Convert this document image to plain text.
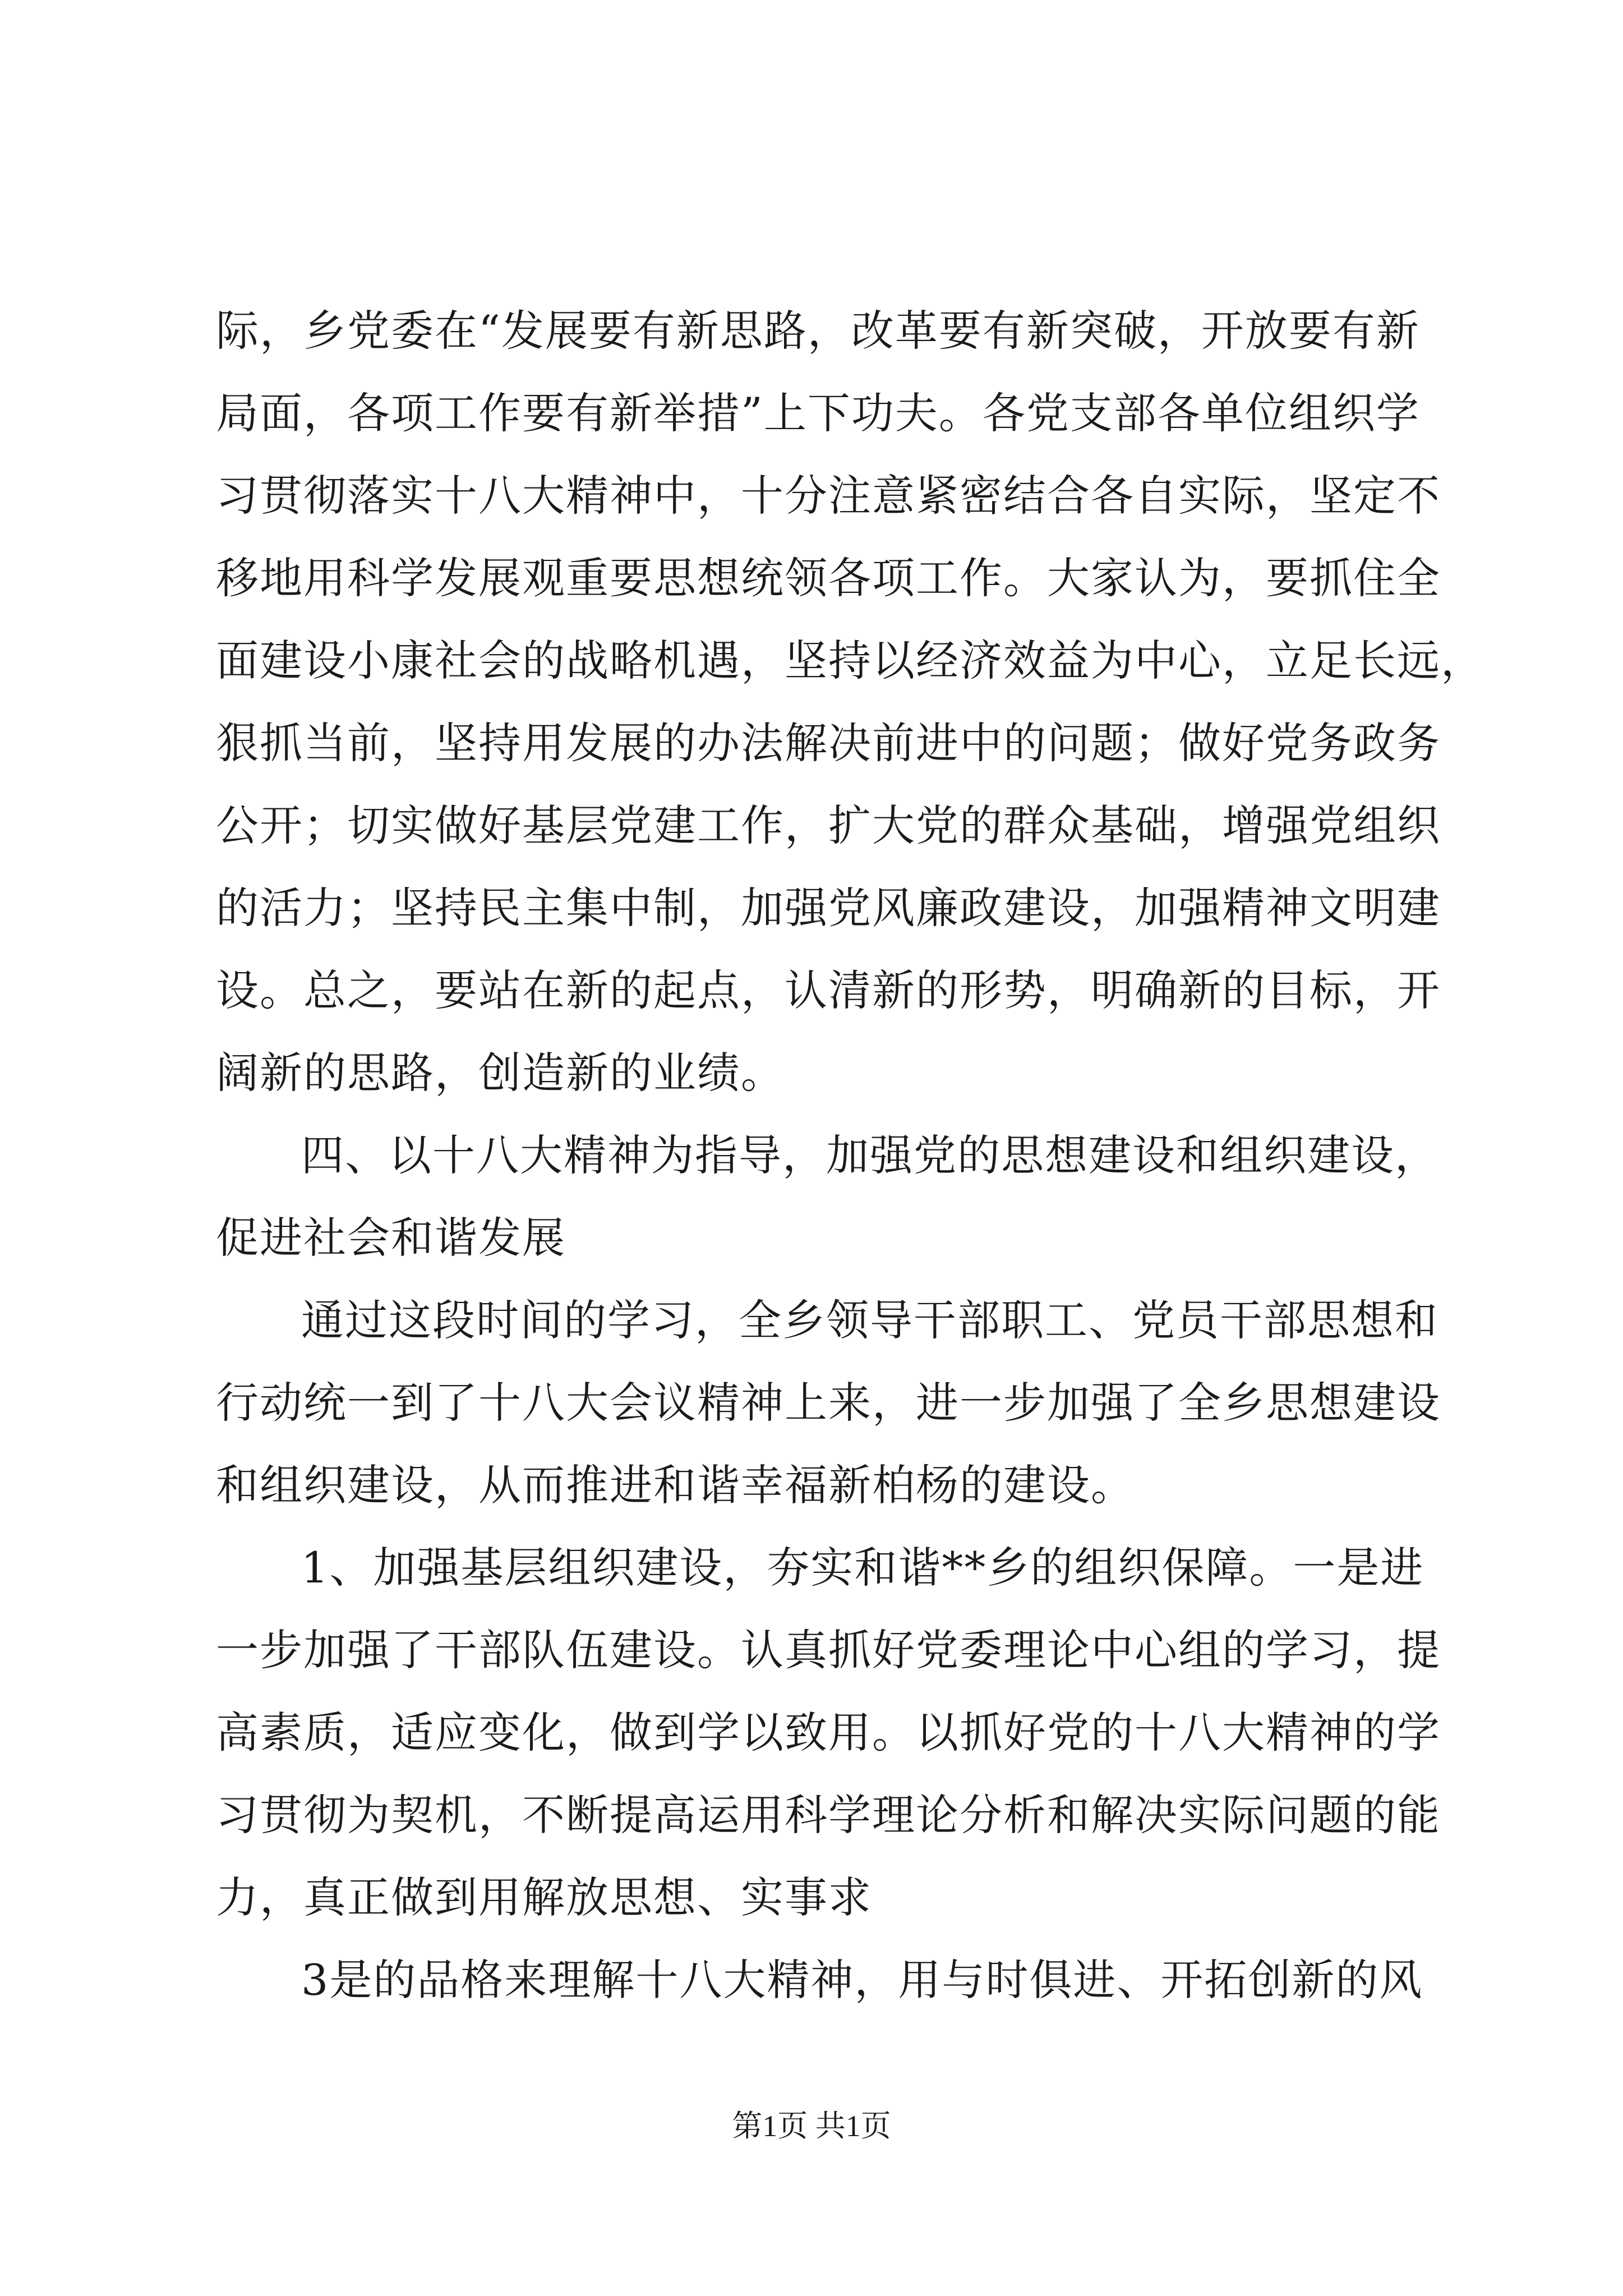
际，乡党委在“发展要有新思路，改革要有新突破，开放要有新
局面，各项工作要有新举措”上下功夫。各党支部各单位组织学
习贯彻落实十八大精神中，十分注意紧密结合各自实际，坚定不
移地用科学发展观重要思想统领各项工作。大家认为，要抓住全
面建设小康社会的战略机遇，坚持以经济效益为中心，立足长远，
狠抓当前，坚持用发展的办法解决前进中的问题；做好党务政务
公开；切实做好基层党建工作，扩大党的群众基础，增强党组织
的活力；坚持民主集中制，加强党风廉政建设，加强精神文明建
设。总之，要站在新的起点，认清新的形势，明确新的目标，开
阔新的思路，创造新的业绩。
四、以十八大精神为指导，加强党的思想建设和组织建设，
促进社会和谐发展
通过这段时间的学习，全乡领导干部职工、党员干部思想和
行动统一到了十八大会议精神上来，进一步加强了全乡思想建设
和组织建设，从而推进和谐幸福新柏杨的建设。
1、加强基层组织建设，夯实和谐**乡的组织保障。一是进
一步加强了干部队伍建设。认真抓好党委理论中心组的学习，提
高素质，适应变化，做到学以致用。以抓好党的十八大精神的学
习贯彻为契机，不断提高运用科学理论分析和解决实际问题的能
力，真正做到用解放思想、实事求
3是的品格来理解十八大精神，用与时俱进、开拓创新的风
第1页 共1页
